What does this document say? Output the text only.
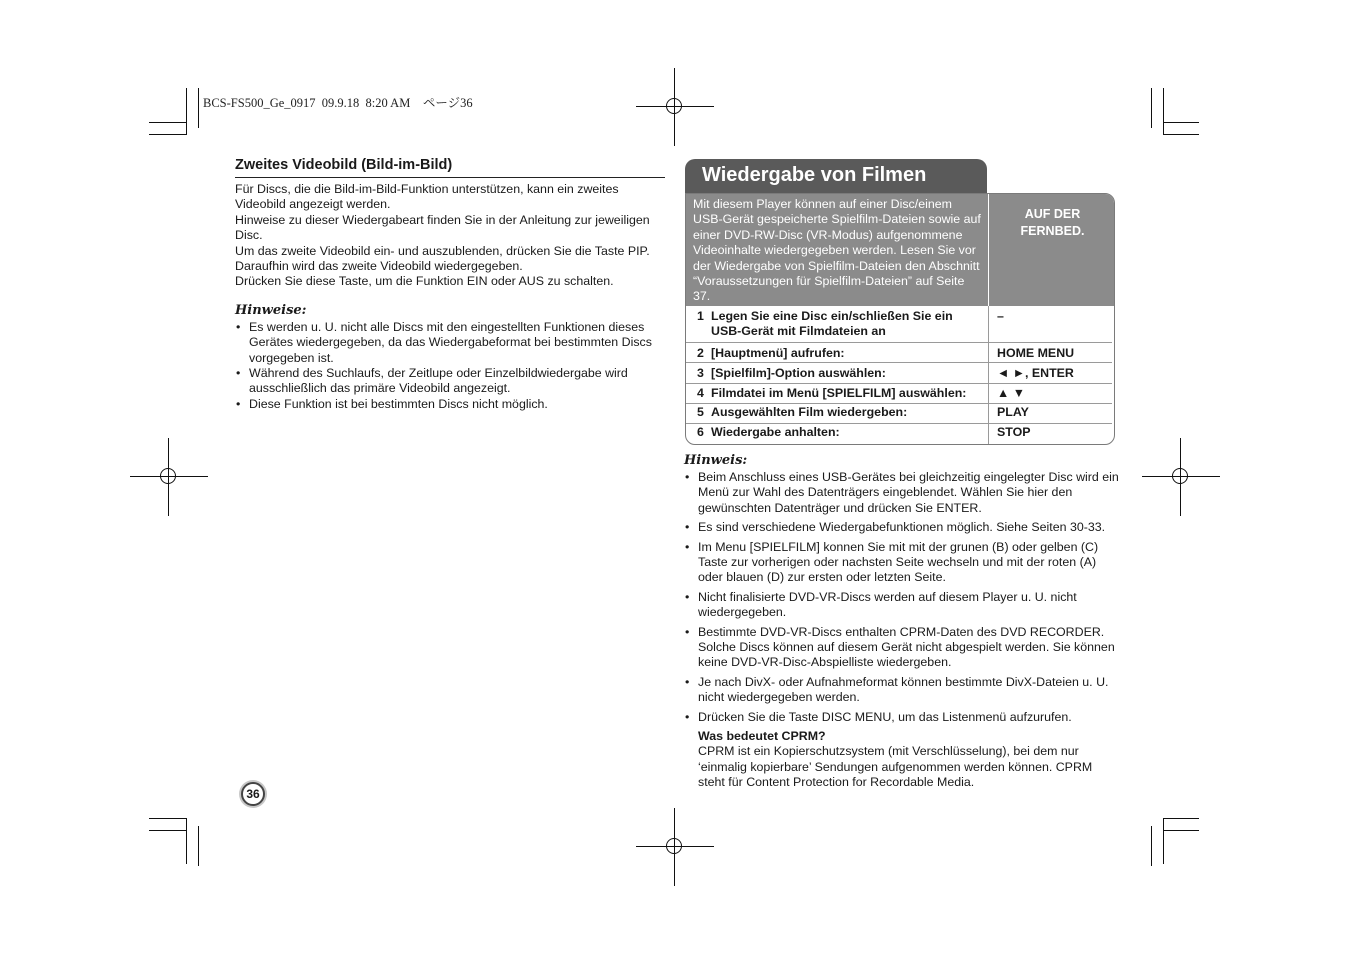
BCS-FS500_Ge_0917  09.9.18  8:20 AM    ページ36
Zweites Videobild (Bild-im-Bild)

Für Discs, die die Bild-im-Bild-Funktion unterstützen, kann ein zweites Videobild angezeigt werden.
Hinweise zu dieser Wiedergabeart finden Sie in der Anleitung zur jeweiligen Disc.
Um das zweite Videobild ein- und auszublenden, drücken Sie die Taste PIP. Daraufhin wird das zweite Videobild wiedergegeben.
Drücken Sie diese Taste, um die Funktion EIN oder AUS zu schalten.

Hinweise:
• Es werden u. U. nicht alle Discs mit den eingestellten Funktionen dieses Gerätes wiedergegeben, da das Wiedergabeformat bei bestimmten Discs vorgegeben ist.
• Während des Suchlaufs, der Zeitlupe oder Einzelbildwiedergabe wird ausschließlich das primäre Videobild angezeigt.
• Diese Funktion ist bei bestimmten Discs nicht möglich.
Wiedergabe von Filmen
Mit diesem Player können auf einer Disc/einem USB-Gerät gespeicherte Spielfilm-Dateien sowie auf einer DVD-RW-Disc (VR-Modus) aufgenommene Videoinhalte wiedergegeben werden. Lesen Sie vor der Wiedergabe von Spielfilm-Dateien den Abschnitt “Voraussetzungen für Spielfilm-Dateien” auf Seite 37.
AUF DER FERNBED.
1 Legen Sie eine Disc ein/schließen Sie ein USB-Gerät mit Filmdateien an
–
2 [Hauptmenü] aufrufen:	HOME MENU
3 [Spielfilm]-Option auswählen:	◄ ►, ENTER
4 Filmdatei im Menü [SPIELFILM] auswählen:	▲ ▼
5 Ausgewählten Film wiedergeben:	PLAY
6 Wiedergabe anhalten:	STOP
Hinweis:
• Beim Anschluss eines USB-Gerätes bei gleichzeitig eingelegter Disc wird ein Menü zur Wahl des Datenträgers eingeblendet. Wählen Sie hier den gewünschten Datenträger und drücken Sie ENTER.
• Es sind verschiedene Wiedergabefunktionen möglich. Siehe Seiten 30-33.
• Im Menu [SPIELFILM] konnen Sie mit mit der grunen (B) oder gelben (C) Taste zur vorherigen oder nachsten Seite wechseln und mit der roten (A) oder blauen (D) zur ersten oder letzten Seite.
• Nicht finalisierte DVD-VR-Discs werden auf diesem Player u. U. nicht wiedergegeben.
• Bestimmte DVD-VR-Discs enthalten CPRM-Daten des DVD RECORDER. Solche Discs können auf diesem Gerät nicht abgespielt werden. Sie können keine DVD-VR-Disc-Abspielliste wiedergeben.
• Je nach DivX- oder Aufnahmeformat können bestimmte DivX-Dateien u. U. nicht wiedergegeben werden.
• Drücken Sie die Taste DISC MENU, um das Listenmenü aufzurufen.
Was bedeutet CPRM?
CPRM ist ein Kopierschutzsystem (mit Verschlüsselung), bei dem nur ‘einmalig kopierbare’ Sendungen aufgenommen werden können. CPRM steht für Content Protection for Recordable Media.
36
